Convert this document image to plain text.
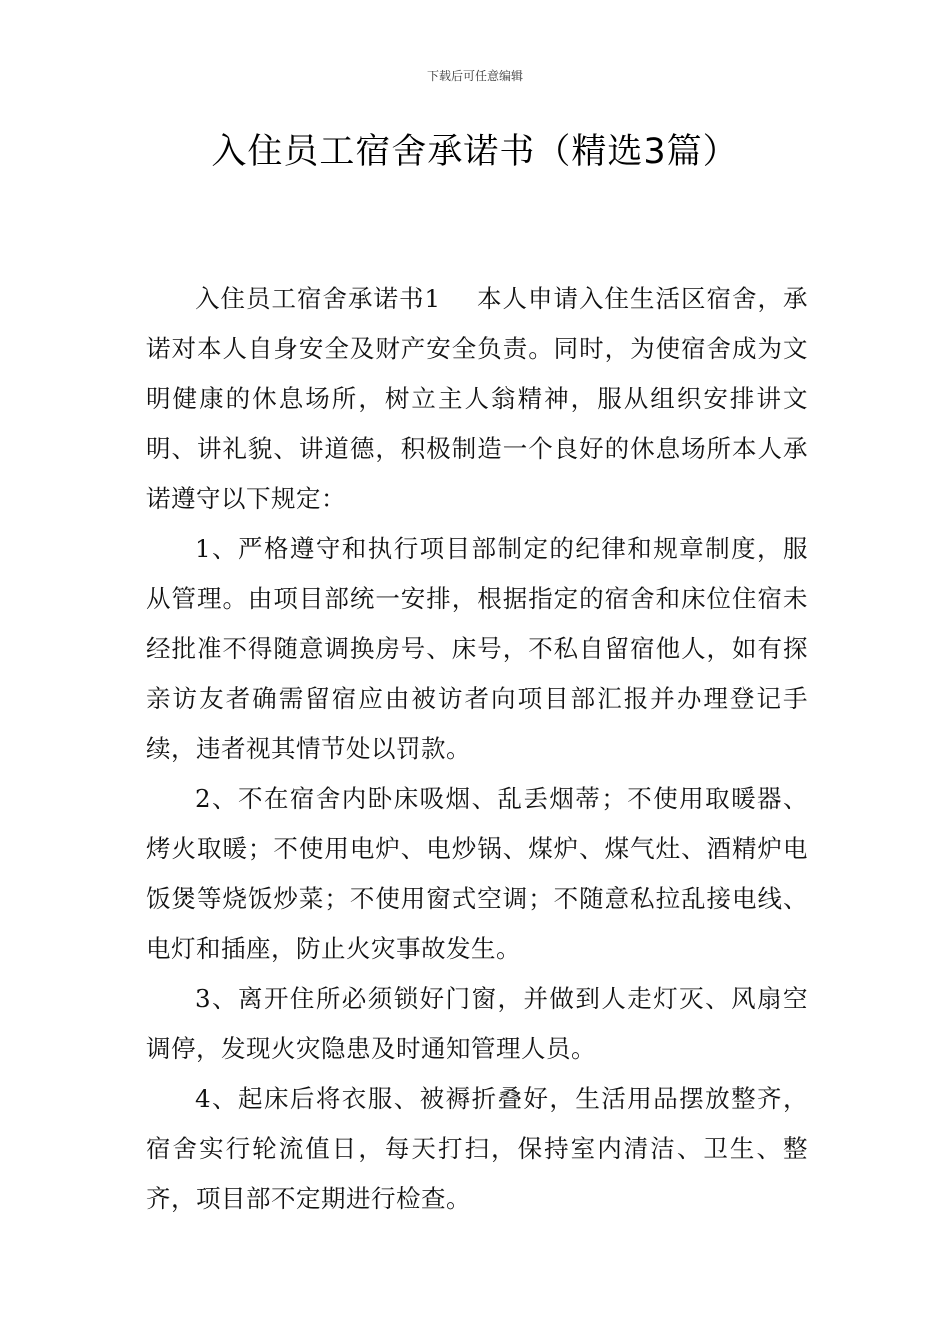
下载后可任意编辑
入住员工宿舍承诺书（精选3篇）

入住员工宿舍承诺书1 本人申请入住生活区宿舍，承诺对本人自身安全及财产安全负责。同时，为使宿舍成为文明健康的休息场所，树立主人翁精神，服从组织安排讲文明、讲礼貌、讲道德，积极制造一个良好的休息场所本人承诺遵守以下规定：

1、严格遵守和执行项目部制定的纪律和规章制度，服从管理。由项目部统一安排，根据指定的宿舍和床位住宿未经批准不得随意调换房号、床号，不私自留宿他人，如有探亲访友者确需留宿应由被访者向项目部汇报并办理登记手续，违者视其情节处以罚款。

2、不在宿舍内卧床吸烟、乱丢烟蒂；不使用取暖器、烤火取暖；不使用电炉、电炒锅、煤炉、煤气灶、酒精炉电饭煲等烧饭炒菜；不使用窗式空调；不随意私拉乱接电线、电灯和插座，防止火灾事故发生。

3、离开住所必须锁好门窗，并做到人走灯灭、风扇空调停，发现火灾隐患及时通知管理人员。

4、起床后将衣服、被褥折叠好，生活用品摆放整齐，宿舍实行轮流值日，每天打扫，保持室内清洁、卫生、整齐，项目部不定期进行检查。
